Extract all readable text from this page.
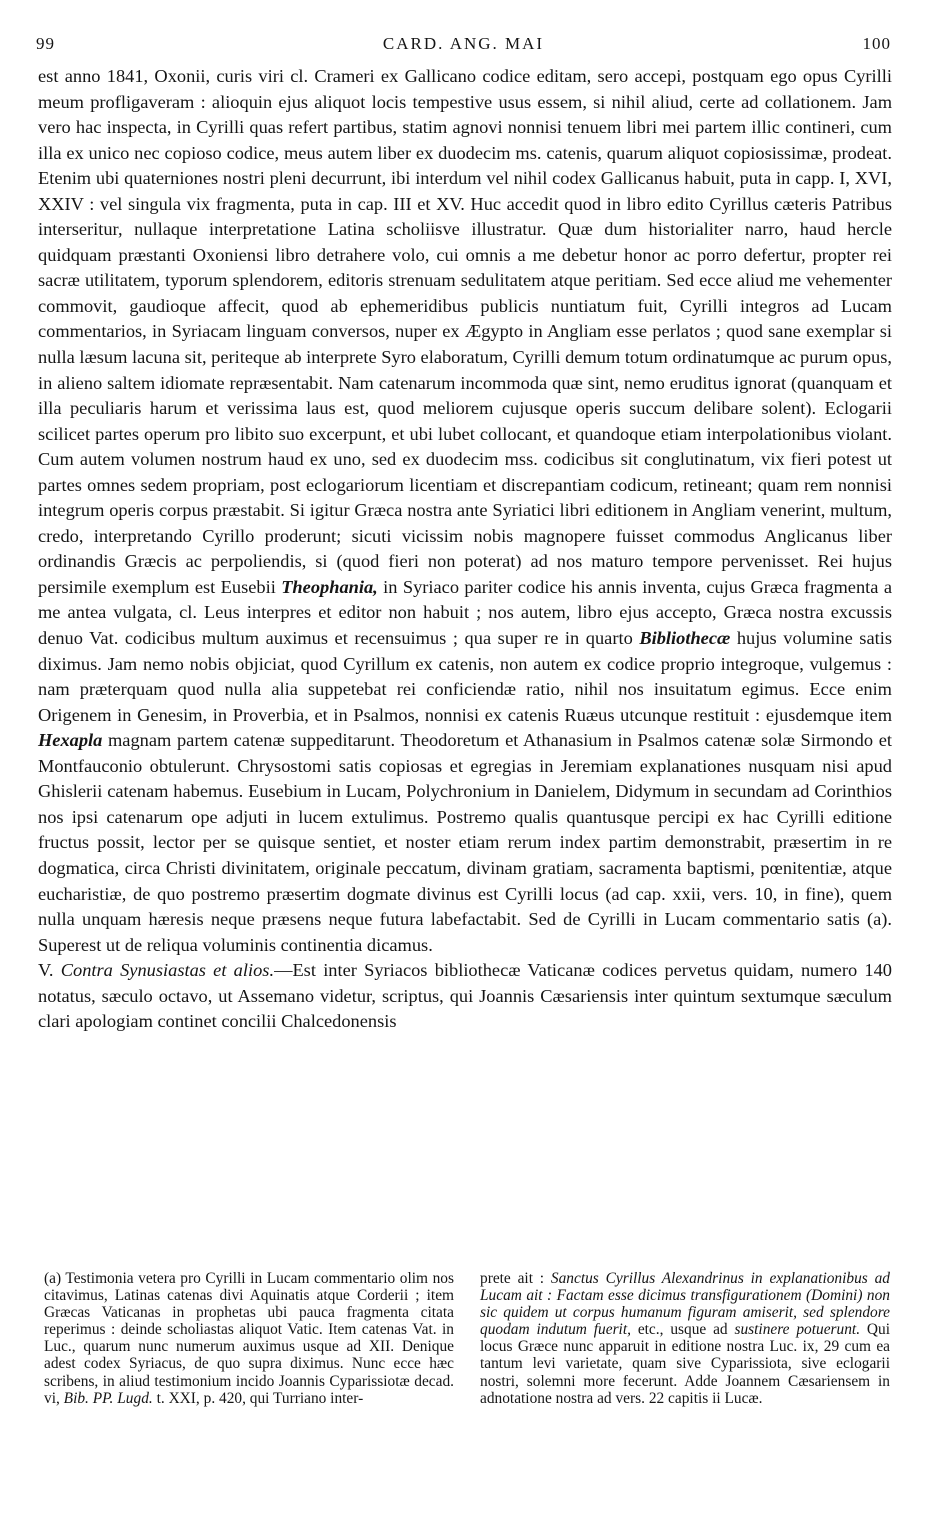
99	CARD. ANG. MAI	100

est anno 1841, Oxonii, curis viri cl. Crameri ex Gallicano codice editam, sero accepi, postquam ego opus Cyrilli meum profligaveram : alioquin ejus aliquot locis tempestive usus essem, si nihil aliud, certe ad collationem. Jam vero hac inspecta, in Cyrilli quas refert partibus, statim agnovi nonnisi tenuem libri mei partem illic contineri, cum illa ex unico nec copioso codice, meus autem liber ex duodecim ms. catenis, quarum aliquot copiosissimæ, prodeat. Etenim ubi quaterniones nostri pleni decurrunt, ibi interdum vel nihil codex Gallicanus habuit, puta in capp. I, XVI, XXIV : vel singula vix fragmenta, puta in cap. III et XV. Huc accedit quod in libro edito Cyrillus cæteris Patribus interseritur, nullaque interpretatione Latina scholiisve illustratur. Quæ dum historialiter narro, haud hercle quidquam præstanti Oxoniensi libro detrahere volo, cui omnis a me debetur honor ac porro defertur, propter rei sacræ utilitatem, typorum splendorem, editoris strenuam sedulitatem atque peritiam. Sed ecce aliud me vehementer commovit, gaudioque affecit, quod ab ephemeridibus publicis nuntiatum fuit, Cyrilli integros ad Lucam commentarios, in Syriacam linguam conversos, nuper ex Ægypto in Angliam esse perlatos ; quod sane exemplar si nulla læsum lacuna sit, periteque ab interprete Syro elaboratum, Cyrilli demum totum ordinatumque ac purum opus, in alieno saltem idiomate repræsentabit. Nam catenarum incommoda quæ sint, nemo eruditus ignorat (quanquam et illa peculiaris harum et verissima laus est, quod meliorem cujusque operis succum delibare solent). Eclogarii scilicet partes operum pro libito suo excerpunt, et ubi lubet collocant, et quandoque etiam interpolationibus violant. Cum autem volumen nostrum haud ex uno, sed ex duodecim mss. codicibus sit conglutinatum, vix fieri potest ut partes omnes sedem propriam, post eclogariorum licentiam et discrepantiam codicum, retineant; quam rem nonnisi integrum operis corpus præstabit. Si igitur Græca nostra ante Syriatici libri editionem in Angliam venerint, multum, credo, interpretando Cyrillo proderunt; sicuti vicissim nobis magnopere fuisset commodus Anglicanus liber ordinandis Græcis ac perpoliendis, si (quod fieri non poterat) ad nos maturo tempore pervenisset. Rei hujus persimile exemplum est Eusebii Theophania, in Syriaco pariter codice his annis inventa, cujus Græca fragmenta a me antea vulgata, cl. Leus interpres et editor non habuit ; nos autem, libro ejus accepto, Græca nostra excussis denuo Vat. codicibus multum auximus et recensuimus ; qua super re in quarto Bibliothecæ hujus volumine satis diximus. Jam nemo nobis objiciat, quod Cyrillum ex catenis, non autem ex codice proprio integroque, vulgemus : nam præterquam quod nulla alia suppetebat rei conficiendæ ratio, nihil nos insuitatum egimus. Ecce enim Origenem in Genesim, in Proverbia, et in Psalmos, nonnisi ex catenis Ruæus utcunque restituit : ejusdemque item Hexapla magnam partem catenæ suppeditarunt. Theodoretum et Athanasium in Psalmos catenæ solæ Sirmondo et Montfauconio obtulerunt. Chrysostomi satis copiosas et egregias in Jeremiam explanationes nusquam nisi apud Ghislerii catenam habemus. Eusebium in Lucam, Polychronium in Danielem, Didymum in secundam ad Corinthios nos ipsi catenarum ope adjuti in lucem extulimus. Postremo qualis quantusque percipi ex hac Cyrilli editione fructus possit, lector per se quisque sentiet, et noster etiam rerum index partim demonstrabit, præsertim in re dogmatica, circa Christi divinitatem, originale peccatum, divinam gratiam, sacramenta baptismi, pœnitentiæ, atque eucharistiæ, de quo postremo præsertim dogmate divinus est Cyrilli locus (ad cap. xxii, vers. 10, in fine), quem nulla unquam hæresis neque præsens neque futura labefactabit. Sed de Cyrilli in Lucam commentario satis (a). Superest ut de reliqua voluminis continentia dicamus.

V. Contra Synusiastas et alios.—Est inter Syriacos bibliothecæ Vaticanæ codices pervetus quidam, numero 140 notatus, sæculo octavo, ut Assemano videtur, scriptus, qui Joannis Cæsariensis inter quintum sextumque sæculum clari apologiam continet concilii Chalcedonensis

(a) Testimonia vetera pro Cyrilli in Lucam commentario olim nos citavimus, Latinas catenas divi Aquinatis atque Corderii ; item Græcas Vaticanas in prophetas ubi pauca fragmenta citata reperimus : deinde scholiastas aliquot Vatic. Item catenas Vat. in Luc., quarum nunc numerum auximus usque ad XII. Denique adest codex Syriacus, de quo supra diximus. Nunc ecce hæc scribens, in aliud testimonium incido Joannis Cyparissiotæ decad. vi, Bib. PP. Lugd. t. XXI, p. 420, qui Turriano inter-
prete ait : Sanctus Cyrillus Alexandrinus in explanationibus ad Lucam ait : Factam esse dicimus transfigurationem (Domini) non sic quidem ut corpus humanum figuram amiserit, sed splendore quodam indutum fuerit, etc., usque ad sustinere potuerunt. Qui locus Græce nunc apparuit in editione nostra Luc. ix, 29 cum ea tantum levi varietate, quam sive Cyparissiota, sive eclogarii nostri, solemni more fecerunt. Adde Joannem Cæsariensem in adnotatione nostra ad vers. 22 capitis ii Lucæ.
